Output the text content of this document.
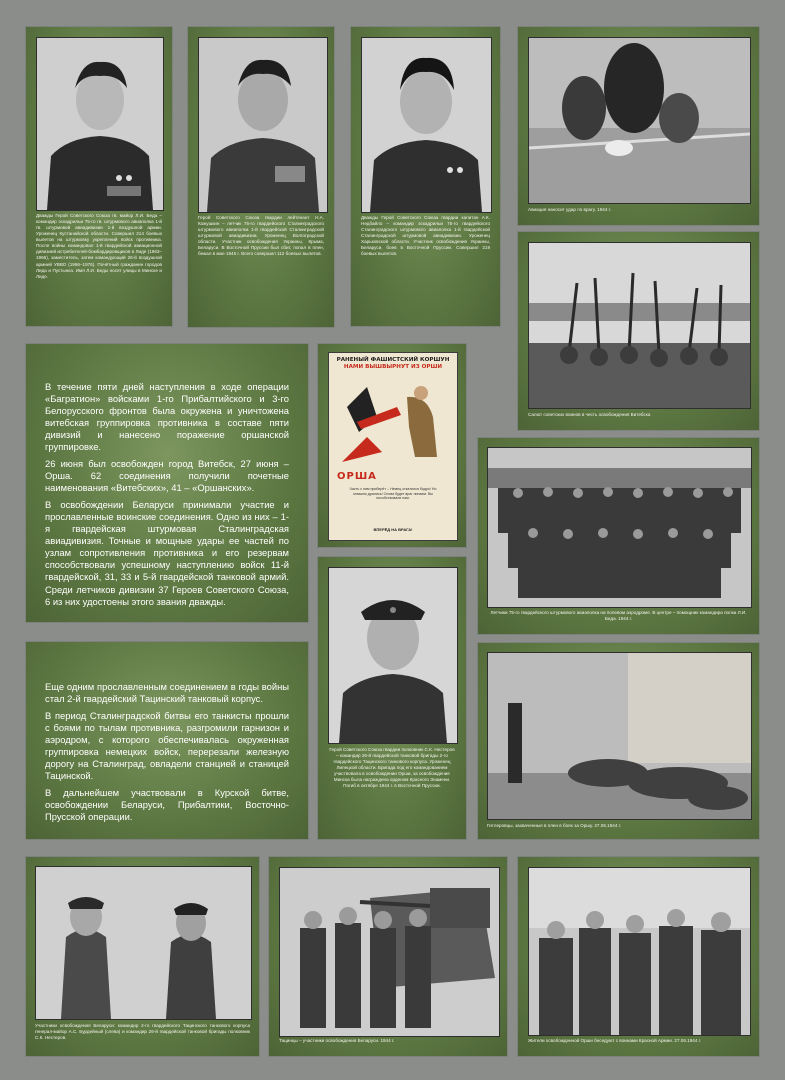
Дважды Герой Советского Союза гв. майор Л.И. Беда – командир эскадрильи 75-го гв. штурмового авиаполка 1-й гв. штурмовой авиадивизии 1-й воздушной армии. Уроженец Кустанайской области. Совершил 214 боевых вылетов на штурмовку укреплений войск противника. После войны командовал 1-й гвардейской авиационной дивизией истребителей-бомбардировщиков в Лиде (1963–1966), заместитель, затем командующий 26-й воздушной армией УВВО (1966–1976). Почётный гражданин городов Лида и Пустынка. Имя Л.И. Беды носят улицы в Минске и Лиде.
Герой Советского Союза гвардии лейтенант Н.А. Кожушкин – летчик 75-го гвардейского Сталинградского штурмового авиаполка 1-й гвардейской Сталинградской штурмовой авиадивизии. Уроженец Волгоградской области. Участник освобождения Украины, Крыма, Беларуси. В Восточной Пруссии был сбит, попал в плен, бежал в мае 1945 г. Всего совершил 112 боевых вылетов.
Дважды Герой Советского Союза гвардии капитан А.К. Недбайло – командир эскадрильи 75-го гвардейского Сталинградского штурмового авиаполка 1-й гвардейской Сталинградской штурмовой авиадивизии. Уроженец Харьковской области. Участник освобождения Украины, Беларуси, боев в Восточной Пруссии. Совершил 219 боевых вылетов.
Авиация наносит удар по врагу. 1944 г.
Салют советских воинов в честь освобождения Витебска

В течение пяти дней наступления в ходе операции «Багратион» войсками 1-го Прибалтийского и 3-го Белорусского фронтов была окружена и уничтожена витебская группировка противника в составе пяти дивизий и нанесено поражение оршанской группировке.

26 июня был освобожден город Витебск, 27 июня – Орша. 62 соединения получили почетные наименования «Витебских», 41 – «Оршанских».

В освобождении Беларуси принимали участие и прославленные воинские соединения. Одно из них – 1-я гвардейская штурмовая Сталинградская авиадивизия. Точные и мощные удары ее частей по узлам сопротивления противника и его резервам способствовали успешному наступлению войск 11-й гвардейской, 31, 33 и 5-й гвардейской танковой армий. Среди летчиков дивизии 37 Героев Советского Союза, 6 из них удостоены этого звания дважды.

РАНЕНЫЙ ФАШИСТСКИЙ КОРШУН
НАМИ ВЫШВЫРНУТ ИЗ ОРШИ
ОРША
Часть с ним приберёт – Немец откатился бодро! Но отважно дрались! Снова будет враг пинаем. Вы пособствовали нам.
ВПЕРЁД НА ВРАГА!
Летчики 75-го гвардейского штурмового авиаполка на полевом аэродроме. В центре – помощник командира полка Л.И. Беда. 1944 г.
Герой Советского Союза гвардии полковник С.К. Нестеров – командир 26-й гвардейской танковой бригады 2-го гвардейского Тацинского танкового корпуса. Уроженец Липецкой области. Бригада под его командованием участвовала в освобождении Орши, за освобождение Минска была награждена орденом Красного Знамени. Погиб в октябре 1944 г. в Восточной Пруссии.

Еще одним прославленным соединением в годы войны стал 2-й гвардейский Тацинский танковый корпус.

В период Сталинградской битвы его танкисты прошли с боями по тылам противника, разгромили гарнизон и аэродром, с которого обеспечивалась окруженная группировка немецких войск, перерезали железную дорогу на Сталинград, овладели станцией и станицей Тацинской.

В дальнейшем участвовали в Курской битве, освобождении Беларуси, Прибалтики, Восточно-Прусской операции.

Гитлеровцы, захваченные в плен в боях за Оршу. 27.06.1944 г.
Участники освобождения Беларуси: командир 2-го гвардейского Тацинского танкового корпуса генерал-майор А.С. Бурдейный (слева) и командир 26-й гвардейской танковой бригады полковник С.К. Нестеров.
Тацинцы – участники освобождения Беларуси. 1944 г.	Жители освобожденной Орши беседуют с воинами Красной Армии. 27.06.1944 г.
